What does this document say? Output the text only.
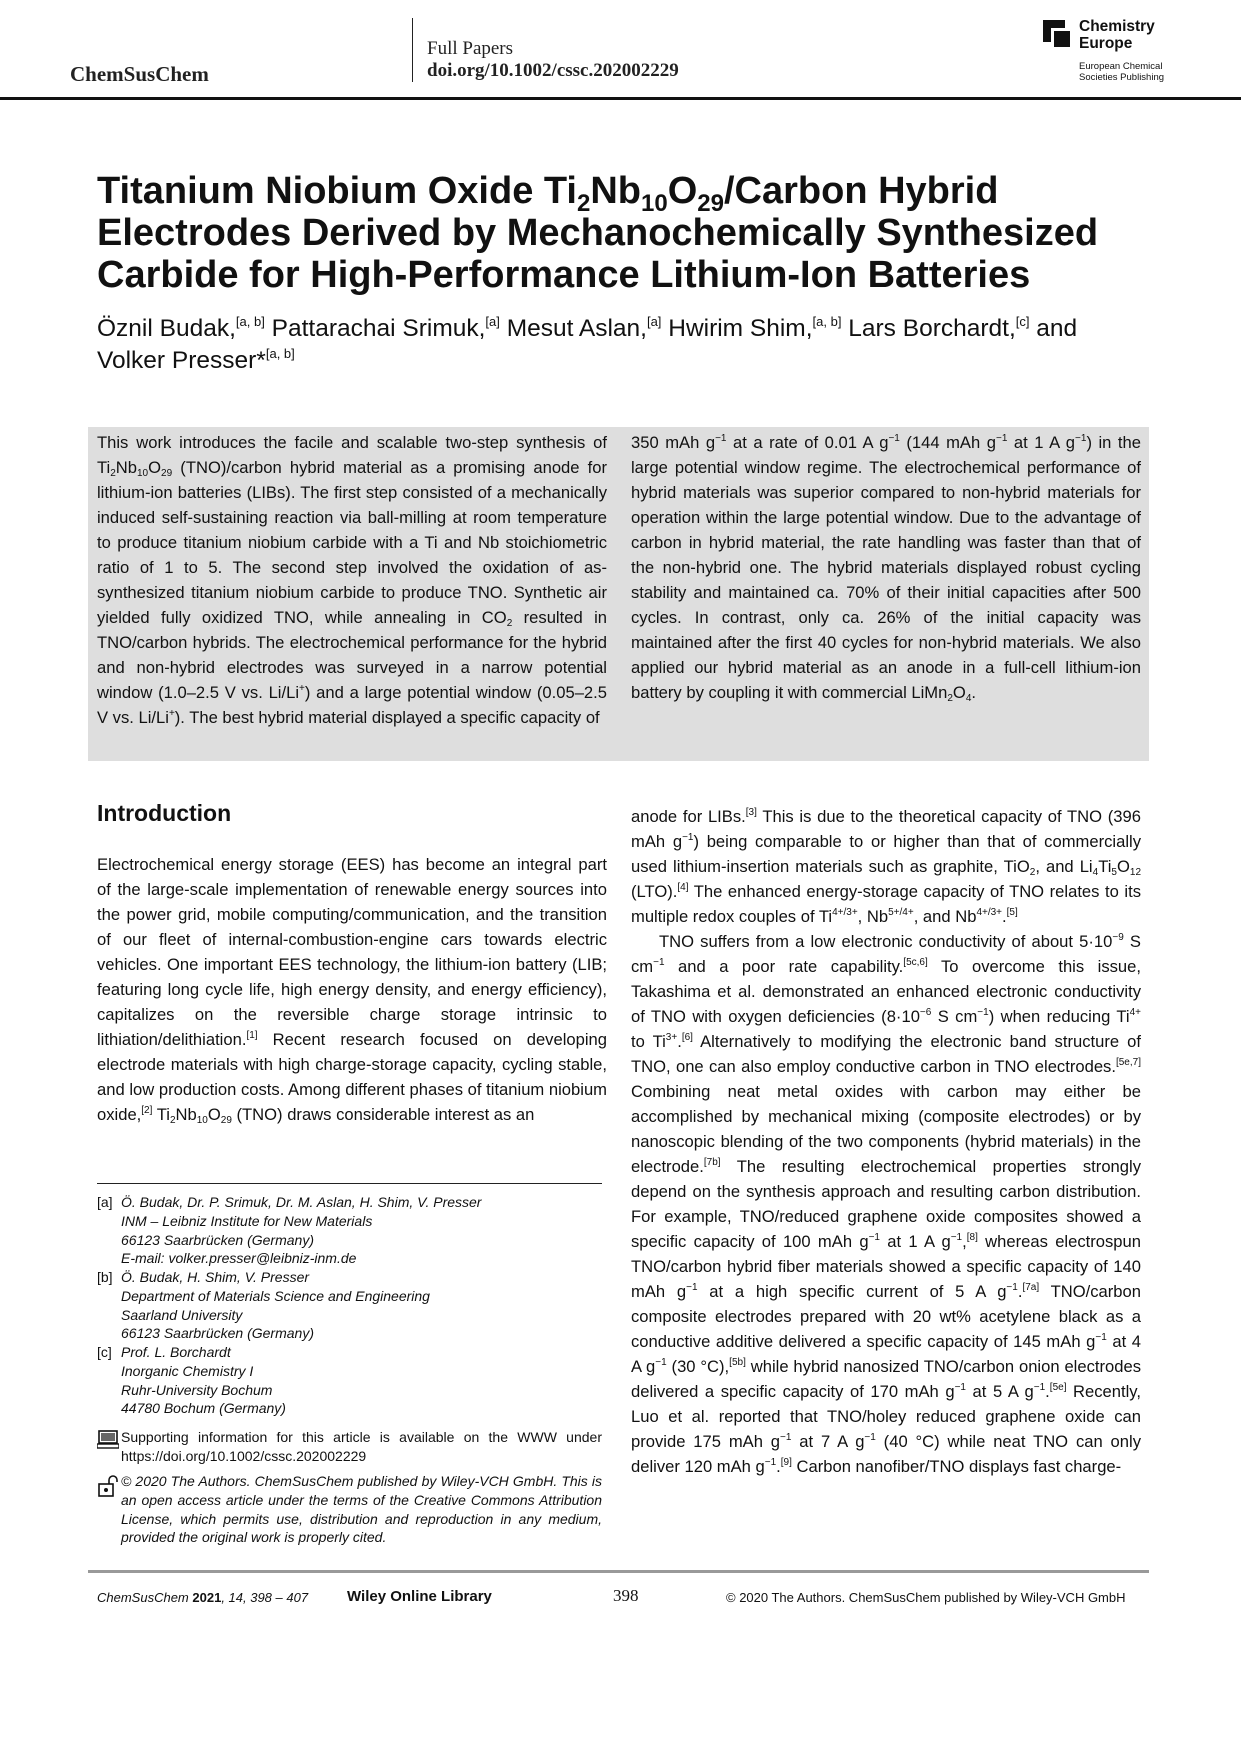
ChemSusChem
Full Papers
doi.org/10.1002/cssc.202002229
Chemistry
Europe
European Chemical
Societies Publishing
Titanium Niobium Oxide $Ti_2Nb_{10}O_{29}$/Carbon Hybrid Electrodes Derived by Mechanochemically Synthesized Carbide for High-Performance Lithium-Ion Batteries
Öznil Budak,[a, b] Pattarachai Srimuk,[a] Mesut Aslan,[a] Hwirim Shim,[a, b] Lars Borchardt,[c] and Volker Presser*[a, b]
This work introduces the facile and scalable two-step synthesis of $Ti_2Nb_{10}O_{29}$ (TNO)/carbon hybrid material as a promising anode for lithium-ion batteries (LIBs). The first step consisted of a mechanically induced self-sustaining reaction via ball-milling at room temperature to produce titanium niobium carbide with a Ti and Nb stoichiometric ratio of 1 to 5. The second step involved the oxidation of as-synthesized titanium niobium carbide to produce TNO. Synthetic air yielded fully oxidized TNO, while annealing in $CO_2$ resulted in TNO/carbon hybrids. The electrochemical performance for the hybrid and non-hybrid electrodes was surveyed in a narrow potential window (1.0–2.5 V vs. Li/Li+) and a large potential window (0.05–2.5 V vs. Li/Li+). The best hybrid material displayed a specific capacity of
350 mAh $g^{-1}$ at a rate of 0.01 A $g^{-1}$ (144 mAh $g^{-1}$ at 1 A $g^{-1}$) in the large potential window regime. The electrochemical performance of hybrid materials was superior compared to non-hybrid materials for operation within the large potential window. Due to the advantage of carbon in hybrid material, the rate handling was faster than that of the non-hybrid one. The hybrid materials displayed robust cycling stability and maintained ca. 70% of their initial capacities after 500 cycles. In contrast, only ca. 26% of the initial capacity was maintained after the first 40 cycles for non-hybrid materials. We also applied our hybrid material as an anode in a full-cell lithium-ion battery by coupling it with commercial $LiMn_2O_4$.
Introduction
Electrochemical energy storage (EES) has become an integral part of the large-scale implementation of renewable energy sources into the power grid, mobile computing/communication, and the transition of our fleet of internal-combustion-engine cars towards electric vehicles. One important EES technology, the lithium-ion battery (LIB; featuring long cycle life, high energy density, and energy efficiency), capitalizes on the reversible charge storage intrinsic to lithiation/delithiation.[1] Recent research focused on developing electrode materials with high charge-storage capacity, cycling stable, and low production costs. Among different phases of titanium niobium oxide,[2] $Ti_2Nb_{10}O_{29}$ (TNO) draws considerable interest as an

anode for LIBs.[3] This is due to the theoretical capacity of TNO (396 mAh $g^{-1}$) being comparable to or higher than that of commercially used lithium-insertion materials such as graphite, TiO$_2$, and $Li_4Ti_5O_{12}$ (LTO).[4] The enhanced energy-storage capacity of TNO relates to its multiple redox couples of $Ti^{4+/3+}$, $Nb^{5+/4+}$, and $Nb^{4+/3+}.[5]$

TNO suffers from a low electronic conductivity of about $5\cdot 10^{-9}$ S $cm^{-1}$ and a poor rate capability.[5c,6] To overcome this issue, Takashima et al. demonstrated an enhanced electronic conductivity of TNO with oxygen deficiencies ($8\cdot 10^{-6}$ S $cm^{-1}$) when reducing $Ti^{4+}$ to $Ti^{3+}.[6]$ Alternatively to modifying the electronic band structure of TNO, one can also employ conductive carbon in TNO electrodes.[5e,7] Combining neat metal oxides with carbon may either be accomplished by mechanical mixing (composite electrodes) or by nanoscopic blending of the two components (hybrid materials) in the electrode.[7b] The resulting electrochemical properties strongly depend on the synthesis approach and resulting carbon distribution. For example, TNO/reduced graphene oxide composites showed a specific capacity of 100 mAh $g^{-1}$ at 1 A $g^{-1},[8]$ whereas electrospun TNO/carbon hybrid fiber materials showed a specific capacity of 140 mAh $g^{-1}$ at a high specific current of 5 A $g^{-1}.[7a]$ TNO/carbon composite electrodes prepared with 20 wt% acetylene black as a conductive additive delivered a specific capacity of 145 mAh $g^{-1}$ at 4 A $g^{-1}$ (30 °C),[5b] while hybrid nanosized TNO/carbon onion electrodes delivered a specific capacity of 170 mAh $g^{-1}$ at 5 A $g^{-1}.[5e]$ Recently, Luo et al. reported that TNO/holey reduced graphene oxide can provide 175 mAh $g^{-1}$ at 7 A $g^{-1}$ (40 °C) while neat TNO can only deliver 120 mAh $g^{-1}.[9]$ Carbon nanofiber/TNO displays fast charge-

[a] Ö. Budak, Dr. P. Srimuk, Dr. M. Aslan, H. Shim, V. Presser
INM – Leibniz Institute for New Materials
66123 Saarbrücken (Germany)
E-mail: volker.presser@leibniz-inm.de
[b] Ö. Budak, H. Shim, V. Presser
Department of Materials Science and Engineering
Saarland University
66123 Saarbrücken (Germany)
[c] Prof. L. Borchardt
Inorganic Chemistry I
Ruhr-University Bochum
44780 Bochum (Germany)
Supporting information for this article is available on the WWW under https://doi.org/10.1002/cssc.202002229
© 2020 The Authors. ChemSusChem published by Wiley-VCH GmbH. This is an open access article under the terms of the Creative Commons Attribution License, which permits use, distribution and reproduction in any medium, provided the original work is properly cited.
ChemSusChem 2021, 14, 398 – 407	Wiley Online Library	398	© 2020 The Authors. ChemSusChem published by Wiley-VCH GmbH
